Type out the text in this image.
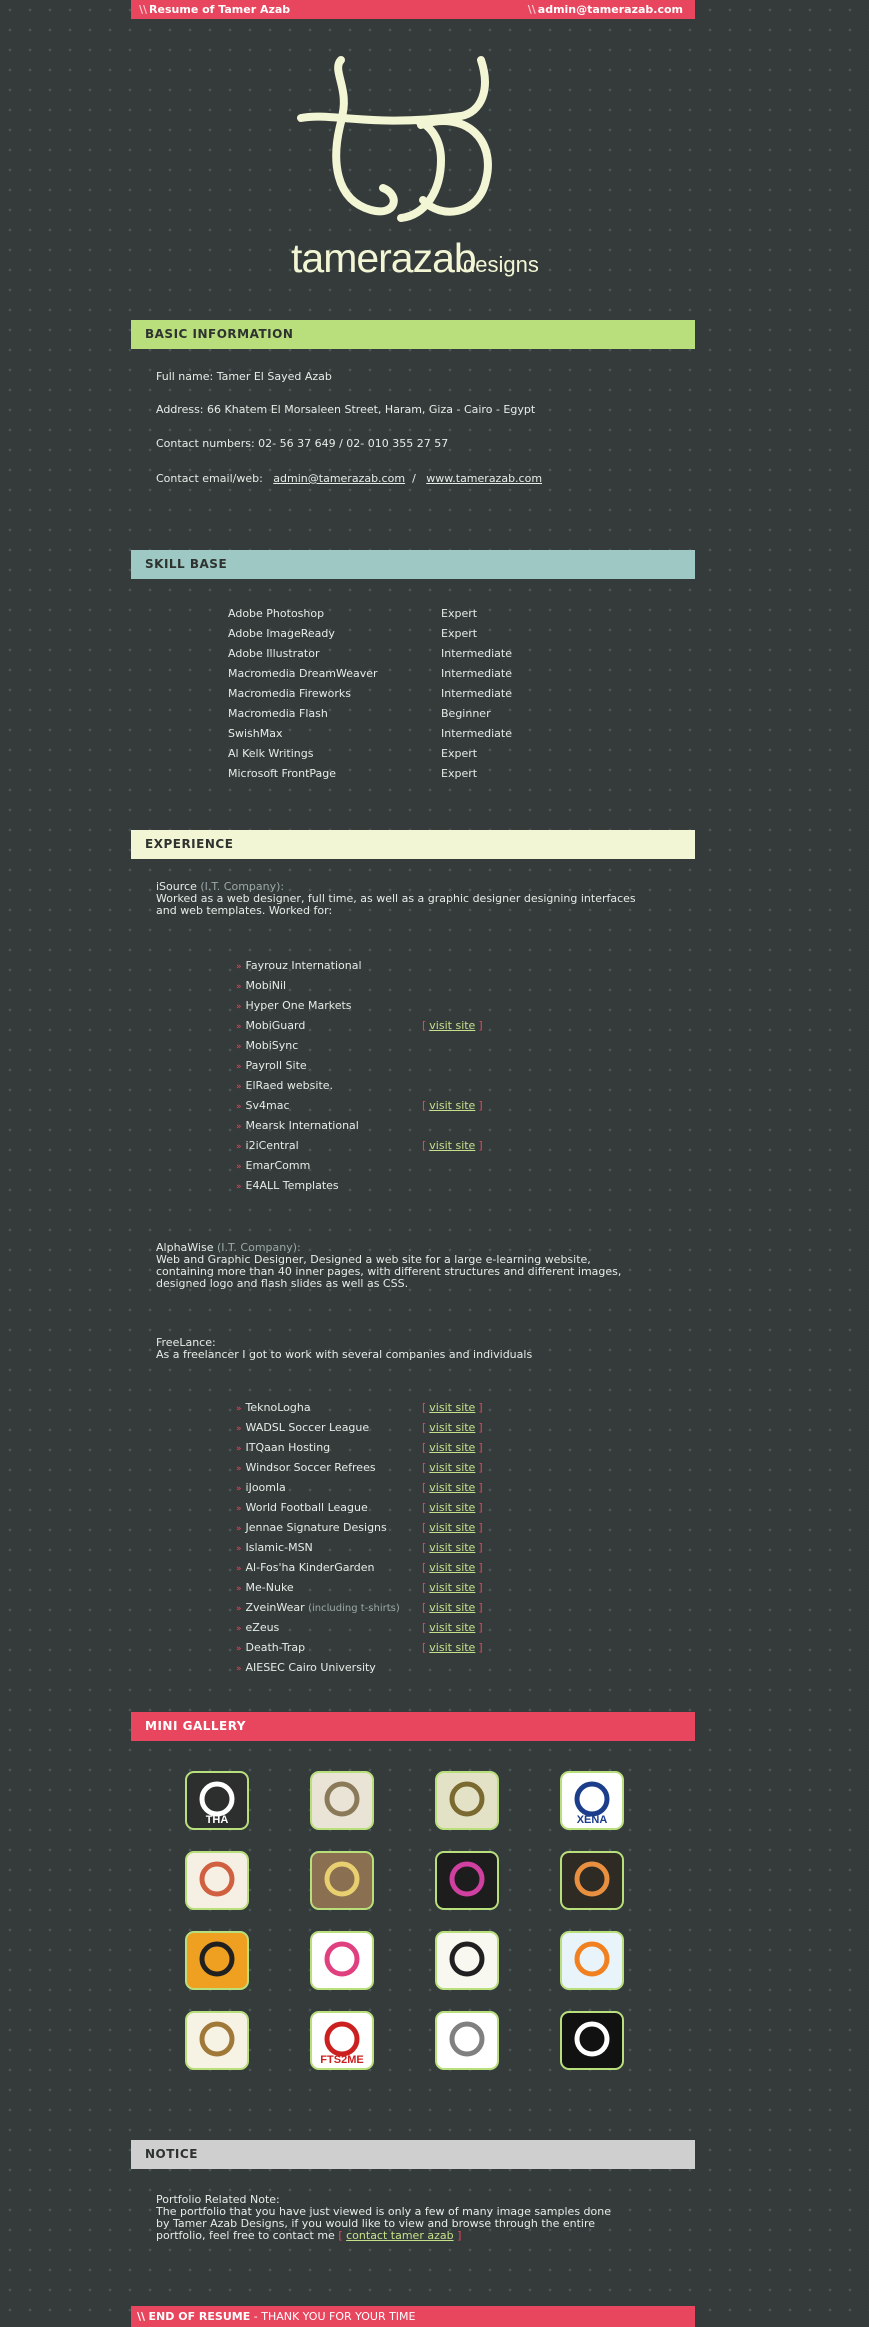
\\ Resume of Tamer Azab	\\ admin@tamerazab.com
tamerazab
designs
BASIC INFORMATION
Full name: Tamer El Sayed Azab
Address: 66 Khatem El Morsaleen Street, Haram, Giza - Cairo - Egypt
Contact numbers: 02- 56 37 649 / 02- 010 355 27 57
Contact email/web: admin@tamerazab.com / www.tamerazab.com
SKILL BASE
Adobe Photoshop	Expert
Adobe ImageReady	Expert
Adobe Illustrator	Intermediate
Macromedia DreamWeaver	Intermediate
Macromedia Fireworks	Intermediate
Macromedia Flash	Beginner
SwishMax	Intermediate
Al Kelk Writings	Expert
Microsoft FrontPage	Expert
EXPERIENCE
iSource (I.T. Company):
Worked as a web designer, full time, as well as a graphic designer designing interfaces and web templates. Worked for:
» Fayrouz International
» MobiNil
» Hyper One Markets
» MobiGuard	[ visit site ]
» MobiSync
» Payroll Site
» ElRaed website.
» Sv4mac	[ visit site ]
» Mearsk International
» i2iCentral	[ visit site ]
» EmarComm
» E4ALL Templates
AlphaWise (I.T. Company):
Web and Graphic Designer, Designed a web site for a large e-learning website, containing more than 40 inner pages, with different structures and different images, designed logo and flash slides as well as CSS.
FreeLance:
As a freelancer I got to work with several companies and individuals
» TeknoLogha	[ visit site ]
» WADSL Soccer League	[ visit site ]
» ITQaan Hosting	[ visit site ]
» Windsor Soccer Refrees	[ visit site ]
» iJoomla	[ visit site ]
» World Football League	[ visit site ]
» Jennae Signature Designs	[ visit site ]
» Islamic-MSN	[ visit site ]
» Al-Fos'ha KinderGarden	[ visit site ]
» Me-Nuke	[ visit site ]
» ZveinWear (including t-shirts) [ visit site ]
» eZeus	[ visit site ]
» Death-Trap	[ visit site ]
» AIESEC Cairo University
MINI GALLERY
THA	XENA
FTS2ME
NOTICE
Portfolio Related Note:
The portfolio that you have just viewed is only a few of many image samples done by Tamer Azab Designs, if you would like to view and browse through the entire portfolio, feel free to contact me [ contact tamer azab ]
\\ END OF RESUME - THANK YOU FOR YOUR TIME
